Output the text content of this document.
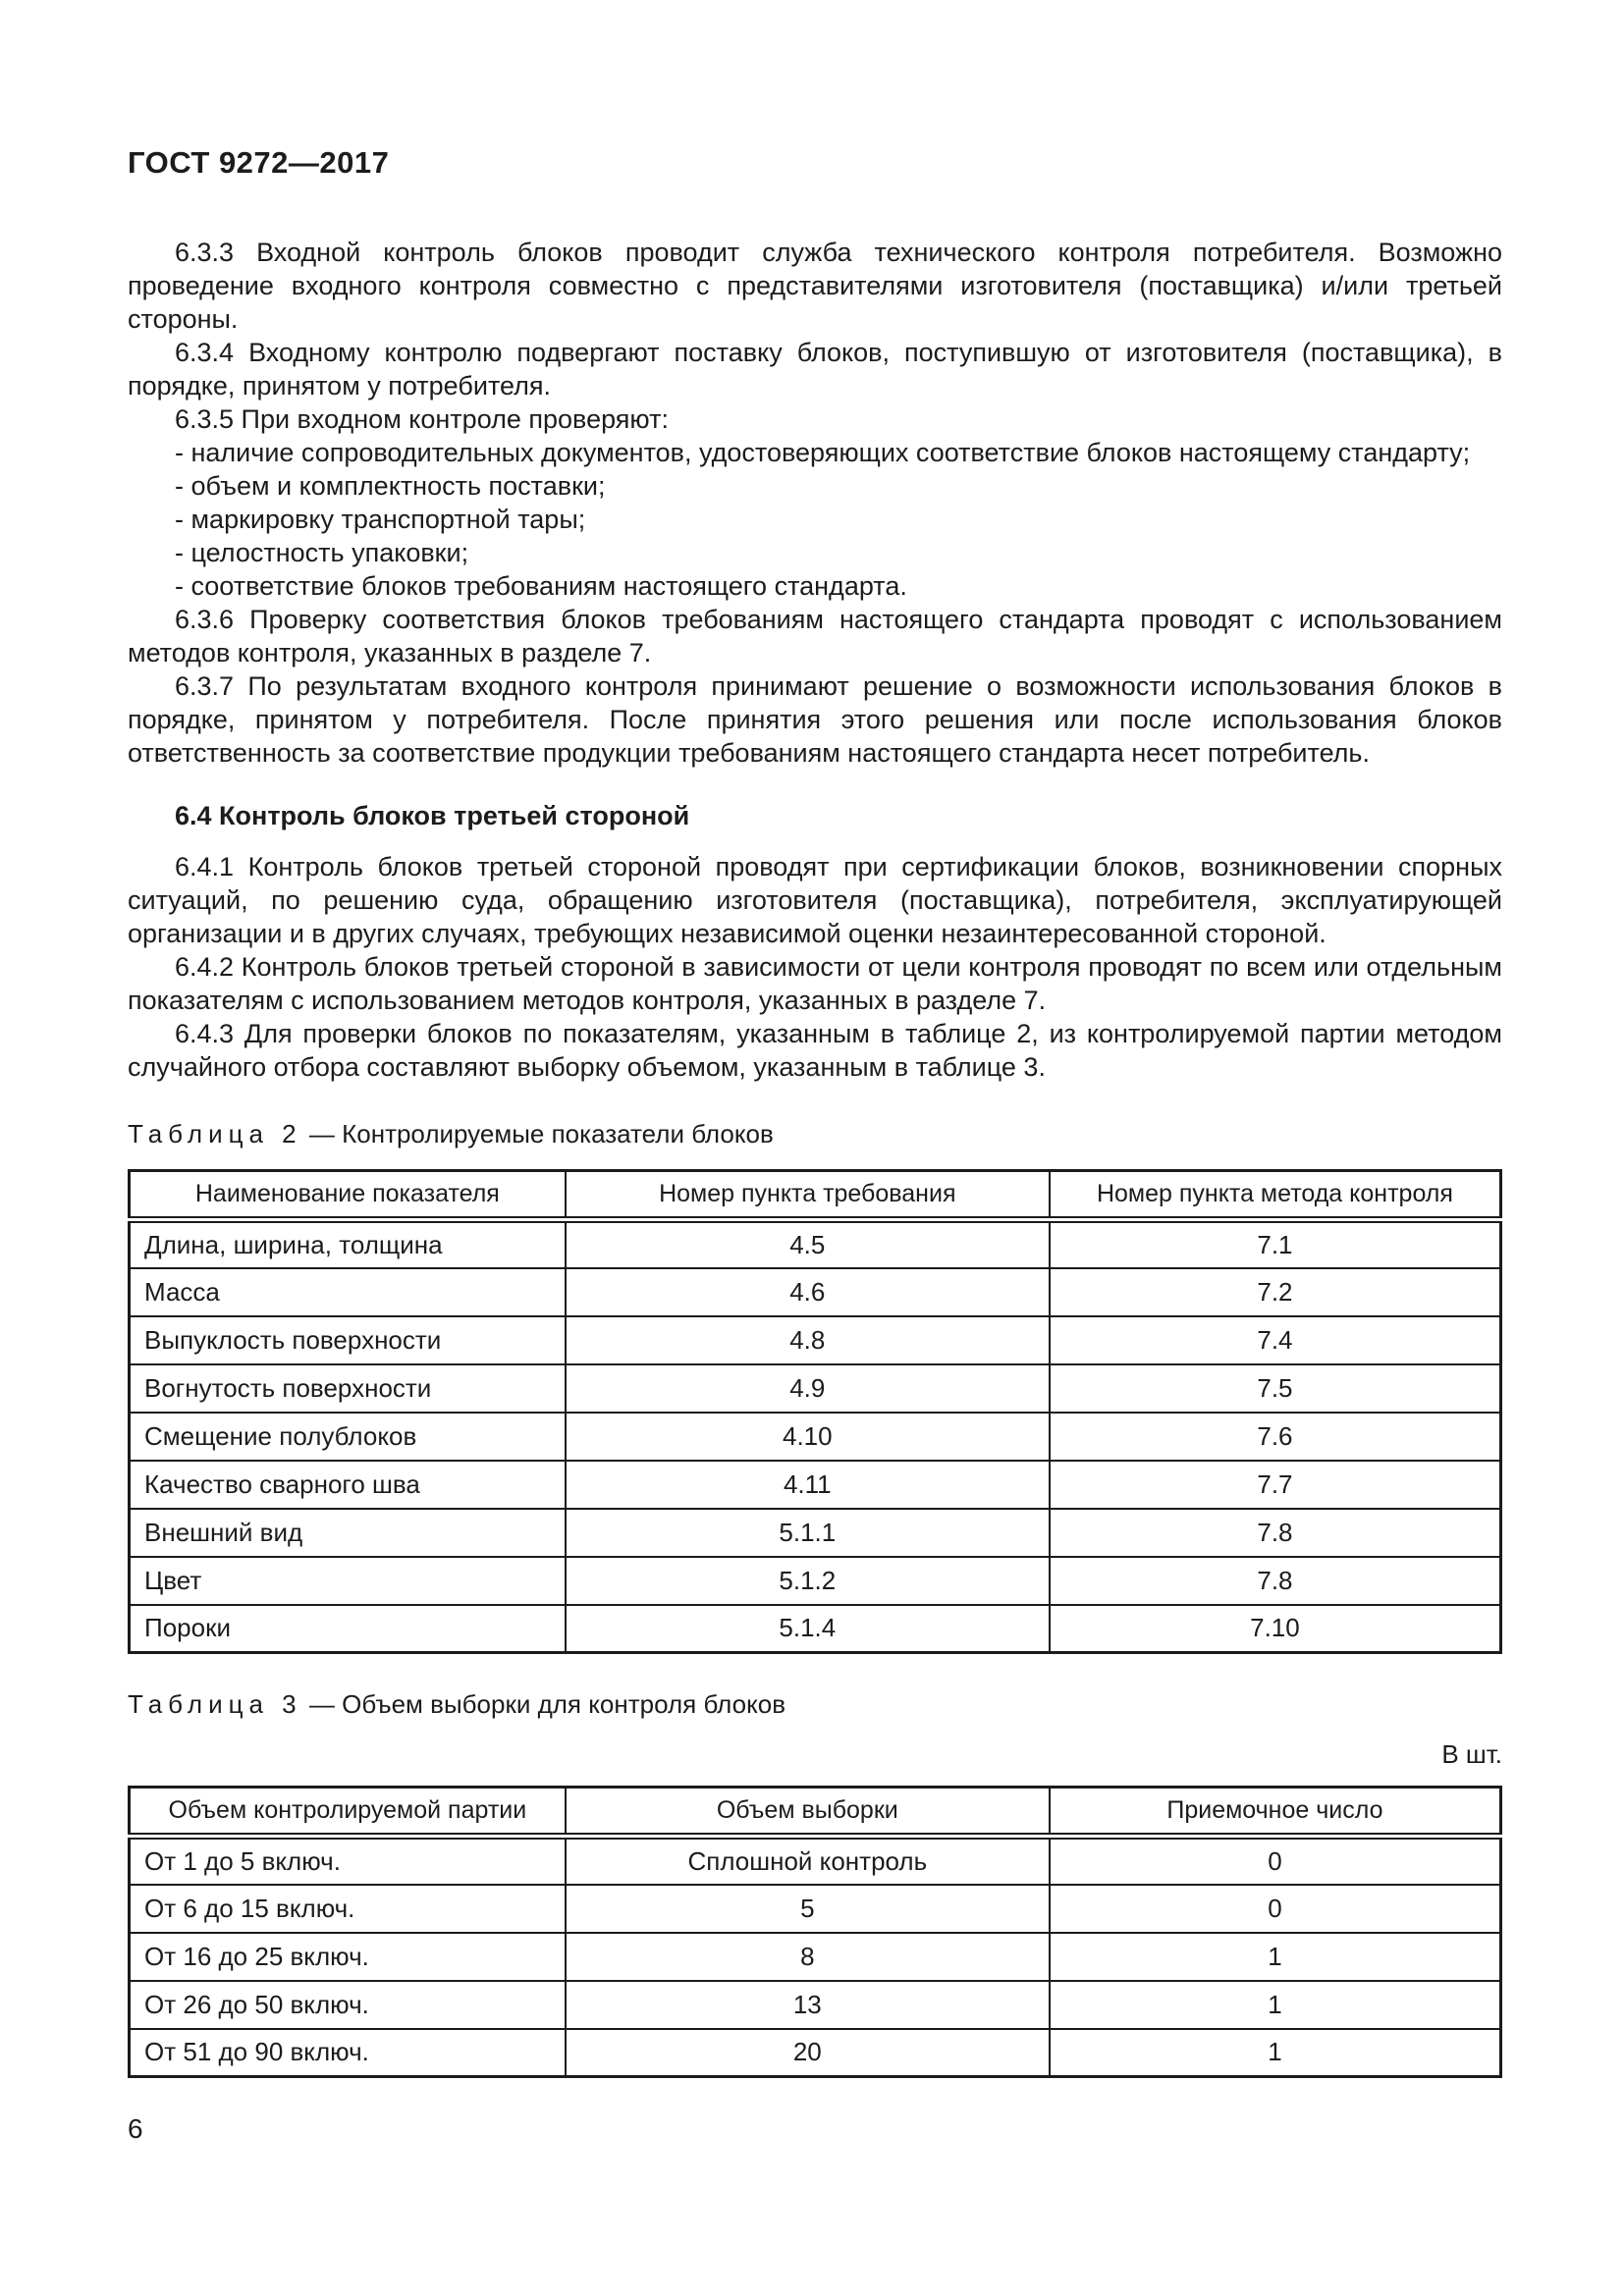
ГОСТ 9272—2017

6.3.3 Входной контроль блоков проводит служба технического контроля потребителя. Возможно проведение входного контроля совместно с представителями изготовителя (поставщика) и/или третьей стороны.

6.3.4 Входному контролю подвергают поставку блоков, поступившую от изготовителя (поставщика), в порядке, принятом у потребителя.

6.3.5 При входном контроле проверяют:

- наличие сопроводительных документов, удостоверяющих соответствие блоков настоящему стандарту;

- объем и комплектность поставки;

- маркировку транспортной тары;

- целостность упаковки;

- соответствие блоков требованиям настоящего стандарта.

6.3.6 Проверку соответствия блоков требованиям настоящего стандарта проводят с использованием методов контроля, указанных в разделе 7.

6.3.7 По результатам входного контроля принимают решение о возможности использования блоков в порядке, принятом у потребителя. После принятия этого решения или после использования блоков ответственность за соответствие продукции требованиям настоящего стандарта несет потребитель.

6.4 Контроль блоков третьей стороной

6.4.1 Контроль блоков третьей стороной проводят при сертификации блоков, возникновении спорных ситуаций, по решению суда, обращению изготовителя (поставщика), потребителя, эксплуатирующей организации и в других случаях, требующих независимой оценки незаинтересованной стороной.

6.4.2 Контроль блоков третьей стороной в зависимости от цели контроля проводят по всем или отдельным показателям с использованием методов контроля, указанных в разделе 7.

6.4.3 Для проверки блоков по показателям, указанным в таблице 2, из контролируемой партии методом случайного отбора составляют выборку объемом, указанным в таблице 3.

Таблица 2 — Контролируемые показатели блоков
Наименование показателя	Номер пункта требования	Номер пункта метода контроля
Длина, ширина, толщина	4.5	7.1
Масса	4.6	7.2
Выпуклость поверхности	4.8	7.4
Вогнутость поверхности	4.9	7.5
Смещение полублоков	4.10	7.6
Качество сварного шва	4.11	7.7
Внешний вид	5.1.1	7.8
Цвет	5.1.2	7.8
Пороки	5.1.4	7.10
Таблица 3 — Объем выборки для контроля блоков
В шт.
Объем контролируемой партии	Объем выборки	Приемочное число
От 1 до 5 включ.	Сплошной контроль	0
От 6 до 15 включ.	5	0
От 16 до 25 включ.	8	1
От 26 до 50 включ.	13	1
От 51 до 90 включ.	20	1
6
